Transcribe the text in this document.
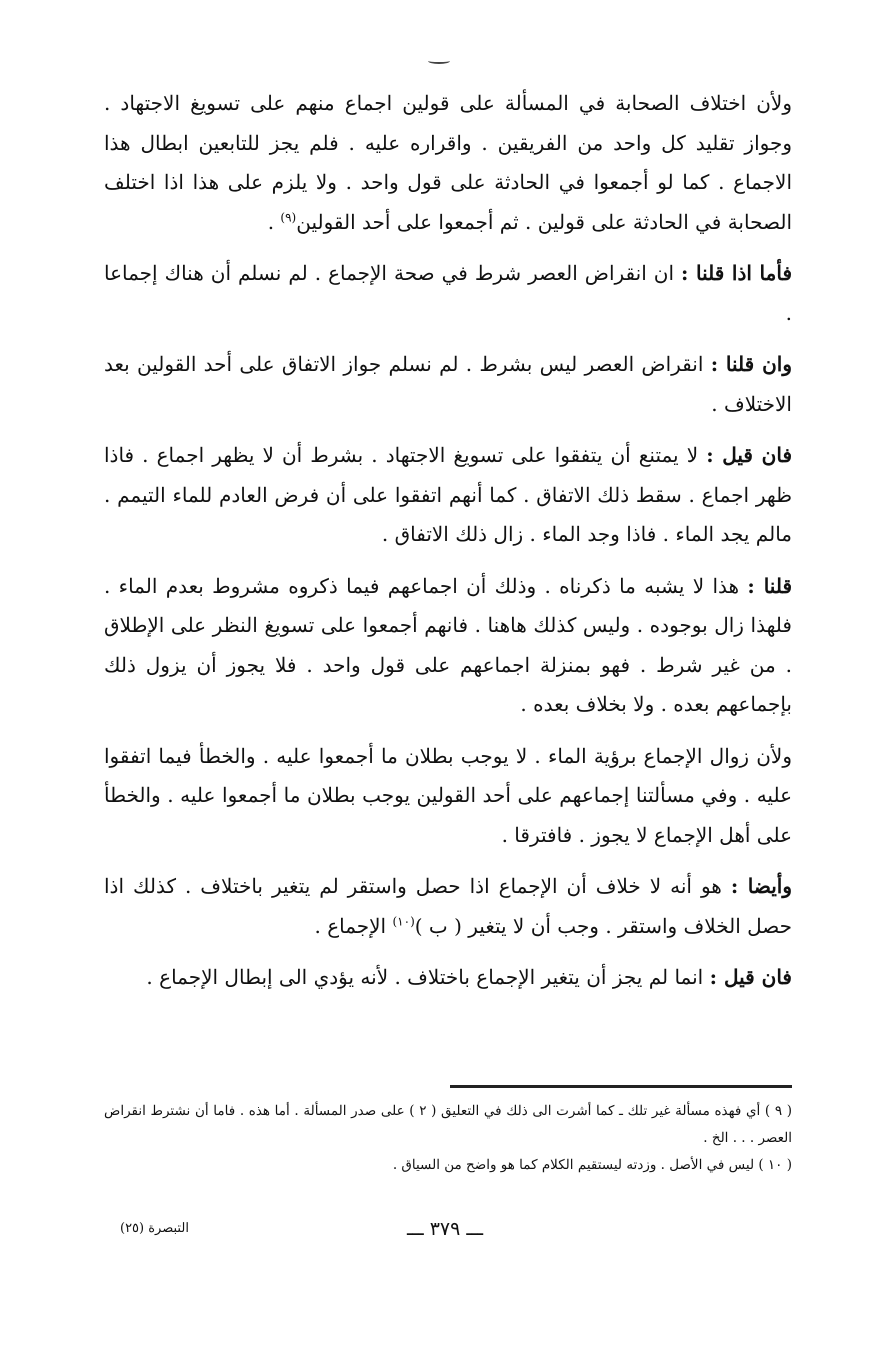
ولأن اختلاف الصحابة في المسألة على قولين اجماع منهم على تسويغ الاجتهاد . وجواز تقليد كل واحد من الفريقين . واقراره عليه . فلم يجز للتابعين ابطال هذا الاجماع . كما لو أجمعوا في الحادثة على قول واحد . ولا يلزم على هذا اذا اختلف الصحابة في الحادثة على قولين . ثم أجمعوا على أحد القولين$^{(٩)}$ .

فأما اذا قلنا : ان انقراض العصر شرط في صحة الإجماع . لم نسلم أن هناك إجماعا .

وان قلنا : انقراض العصر ليس بشرط . لم نسلم جواز الاتفاق على أحد القولين بعد الاختلاف .

فان قيل : لا يمتنع أن يتفقوا على تسويغ الاجتهاد . بشرط أن لا يظهر اجماع . فاذا ظهر اجماع . سقط ذلك الاتفاق . كما أنهم اتفقوا على أن فرض العادم للماء التيمم . مالم يجد الماء . فاذا وجد الماء . زال ذلك الاتفاق .

قلنا : هذا لا يشبه ما ذكرناه . وذلك أن اجماعهم فيما ذكروه مشروط بعدم الماء . فلهذا زال بوجوده . وليس كذلك هاهنا . فانهم أجمعوا على تسويغ النظر على الإطلاق . من غير شرط . فهو بمنزلة اجماعهم على قول واحد . فلا يجوز أن يزول ذلك بإجماعهم بعده . ولا بخلاف بعده .

ولأن زوال الإجماع برؤية الماء . لا يوجب بطلان ما أجمعوا عليه . والخطأ فيما اتفقوا عليه . وفي مسألتنا إجماعهم على أحد القولين يوجب بطلان ما أجمعوا عليه . والخطأ على أهل الإجماع لا يجوز . فافترقا .

وأيضا : هو أنه لا خلاف أن الإجماع اذا حصل واستقر لم يتغير باختلاف . كذلك اذا حصل الخلاف واستقر . وجب أن لا يتغير ( ب )$^{(١٠)}$ الإجماع .

فان قيل : انما لم يجز أن يتغير الإجماع باختلاف . لأنه يؤدي الى إبطال الإجماع .

( ٩ ) أي فهذه مسألة غير تلك ـ كما أشرت الى ذلك في التعليق ( ٢ ) على صدر المسألة . أما هذه . فاما أن نشترط انقراض العصر . . . الخ .

( ١٠ ) ليس في الأصل . وزدته ليستقيم الكلام كما هو واضح من السياق .

ـــ ٣٧٩ ـــ
التبصرة (٢٥)
